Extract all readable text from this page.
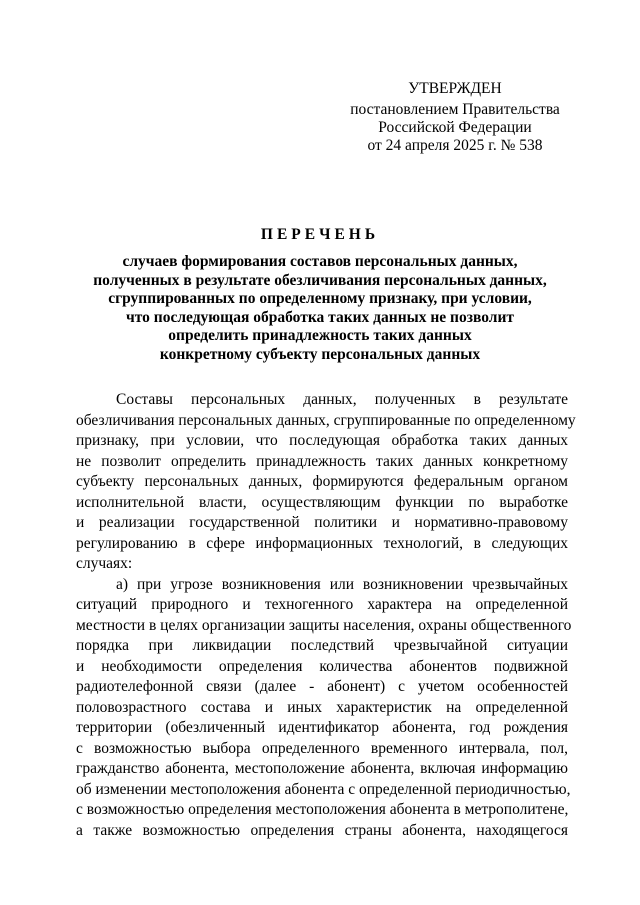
УТВЕРЖДЕН
постановлением Правительства
Российской Федерации
от 24 апреля 2025 г. № 538
ПЕРЕЧЕНЬ
случаев формирования составов персональных данных,
полученных в результате обезличивания персональных данных,
сгруппированных по определенному признаку, при условии,
что последующая обработка таких данных не позволит
определить принадлежность таких данных
конкретному субъекту персональных данных
Составы персональных данных, полученных в результате
обезличивания персональных данных, сгруппированные по определенному
признаку, при условии, что последующая обработка таких данных
не позволит определить принадлежность таких данных конкретному
субъекту персональных данных, формируются федеральным органом
исполнительной власти, осуществляющим функции по выработке
и реализации государственной политики и нормативно-правовому
регулированию в сфере информационных технологий, в следующих
случаях:
а) при угрозе возникновения или возникновении чрезвычайных
ситуаций природного и техногенного характера на определенной
местности в целях организации защиты населения, охраны общественного
порядка при ликвидации последствий чрезвычайной ситуации
и необходимости определения количества абонентов подвижной
радиотелефонной связи (далее - абонент) с учетом особенностей
половозрастного состава и иных характеристик на определенной
территории (обезличенный идентификатор абонента, год рождения
с возможностью выбора определенного временного интервала, пол,
гражданство абонента, местоположение абонента, включая информацию
об изменении местоположения абонента с определенной периодичностью,
с возможностью определения местоположения абонента в метрополитене,
а также возможностью определения страны абонента, находящегося
